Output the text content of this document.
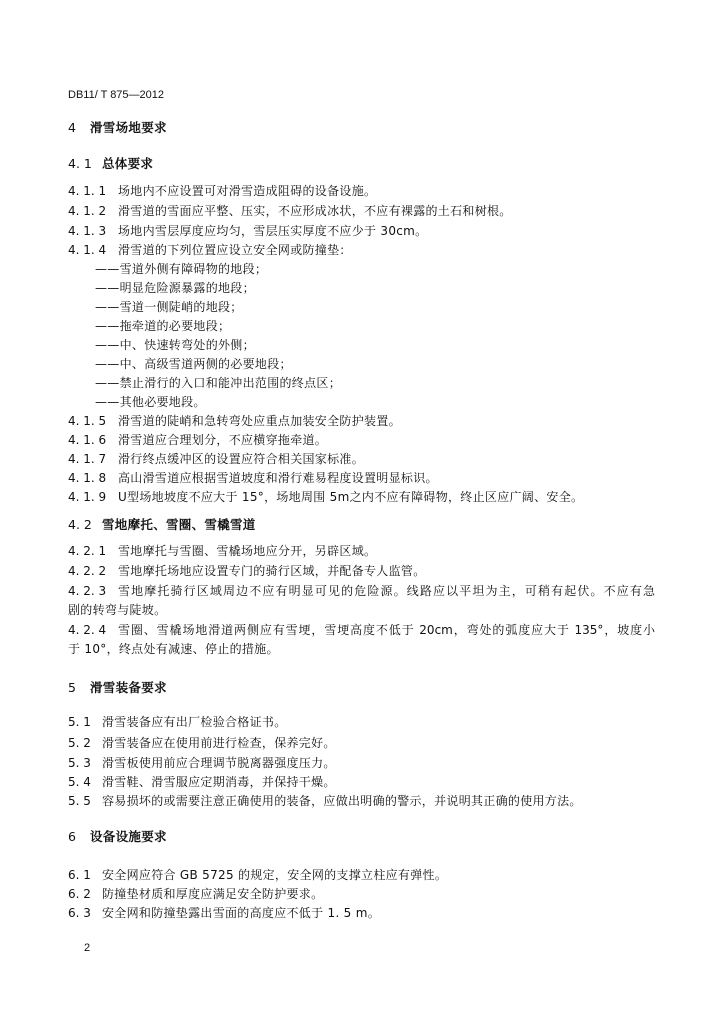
DB11/ T 875—2012
4 滑雪场地要求
4. 1 总体要求
4. 1. 1 场地内不应设置可对滑雪造成阻碍的设备设施。
4. 1. 2 滑雪道的雪面应平整、压实，不应形成冰状，不应有裸露的土石和树根。
4. 1. 3 场地内雪层厚度应均匀，雪层压实厚度不应少于 30cm。
4. 1. 4 滑雪道的下列位置应设立安全网或防撞垫：
——雪道外侧有障碍物的地段；
——明显危险源暴露的地段；
——雪道一侧陡峭的地段；
——拖牵道的必要地段；
——中、快速转弯处的外侧；
——中、高级雪道两侧的必要地段；
——禁止滑行的入口和能冲出范围的终点区；
——其他必要地段。
4. 1. 5 滑雪道的陡峭和急转弯处应重点加装安全防护装置。
4. 1. 6 滑雪道应合理划分，不应横穿拖牵道。
4. 1. 7 滑行终点缓冲区的设置应符合相关国家标准。
4. 1. 8 高山滑雪道应根据雪道坡度和滑行难易程度设置明显标识。
4. 1. 9 U型场地坡度不应大于 15°，场地周围 5m之内不应有障碍物，终止区应广阔、安全。
4. 2 雪地摩托、雪圈、雪橇雪道
4. 2. 1 雪地摩托与雪圈、雪橇场地应分开，另辟区域。
4. 2. 2 雪地摩托场地应设置专门的骑行区域，并配备专人监管。
4. 2. 3 雪地摩托骑行区域周边不应有明显可见的危险源。线路应以平坦为主，可稍有起伏。不应有急
剧的转弯与陡坡。
4. 2. 4 雪圈、雪橇场地滑道两侧应有雪埂，雪埂高度不低于 20cm，弯处的弧度应大于 135°，坡度小
于 10°，终点处有减速、停止的措施。
5 滑雪装备要求
5. 1 滑雪装备应有出厂检验合格证书。
5. 2 滑雪装备应在使用前进行检查，保养完好。
5. 3 滑雪板使用前应合理调节脱离器强度压力。
5. 4 滑雪鞋、滑雪服应定期消毒，并保持干燥。
5. 5 容易损坏的或需要注意正确使用的装备，应做出明确的警示，并说明其正确的使用方法。
6 设备设施要求
6. 1 安全网应符合 GB 5725 的规定，安全网的支撑立柱应有弹性。
6. 2 防撞垫材质和厚度应满足安全防护要求。
6. 3 安全网和防撞垫露出雪面的高度应不低于 1. 5 m。
2
